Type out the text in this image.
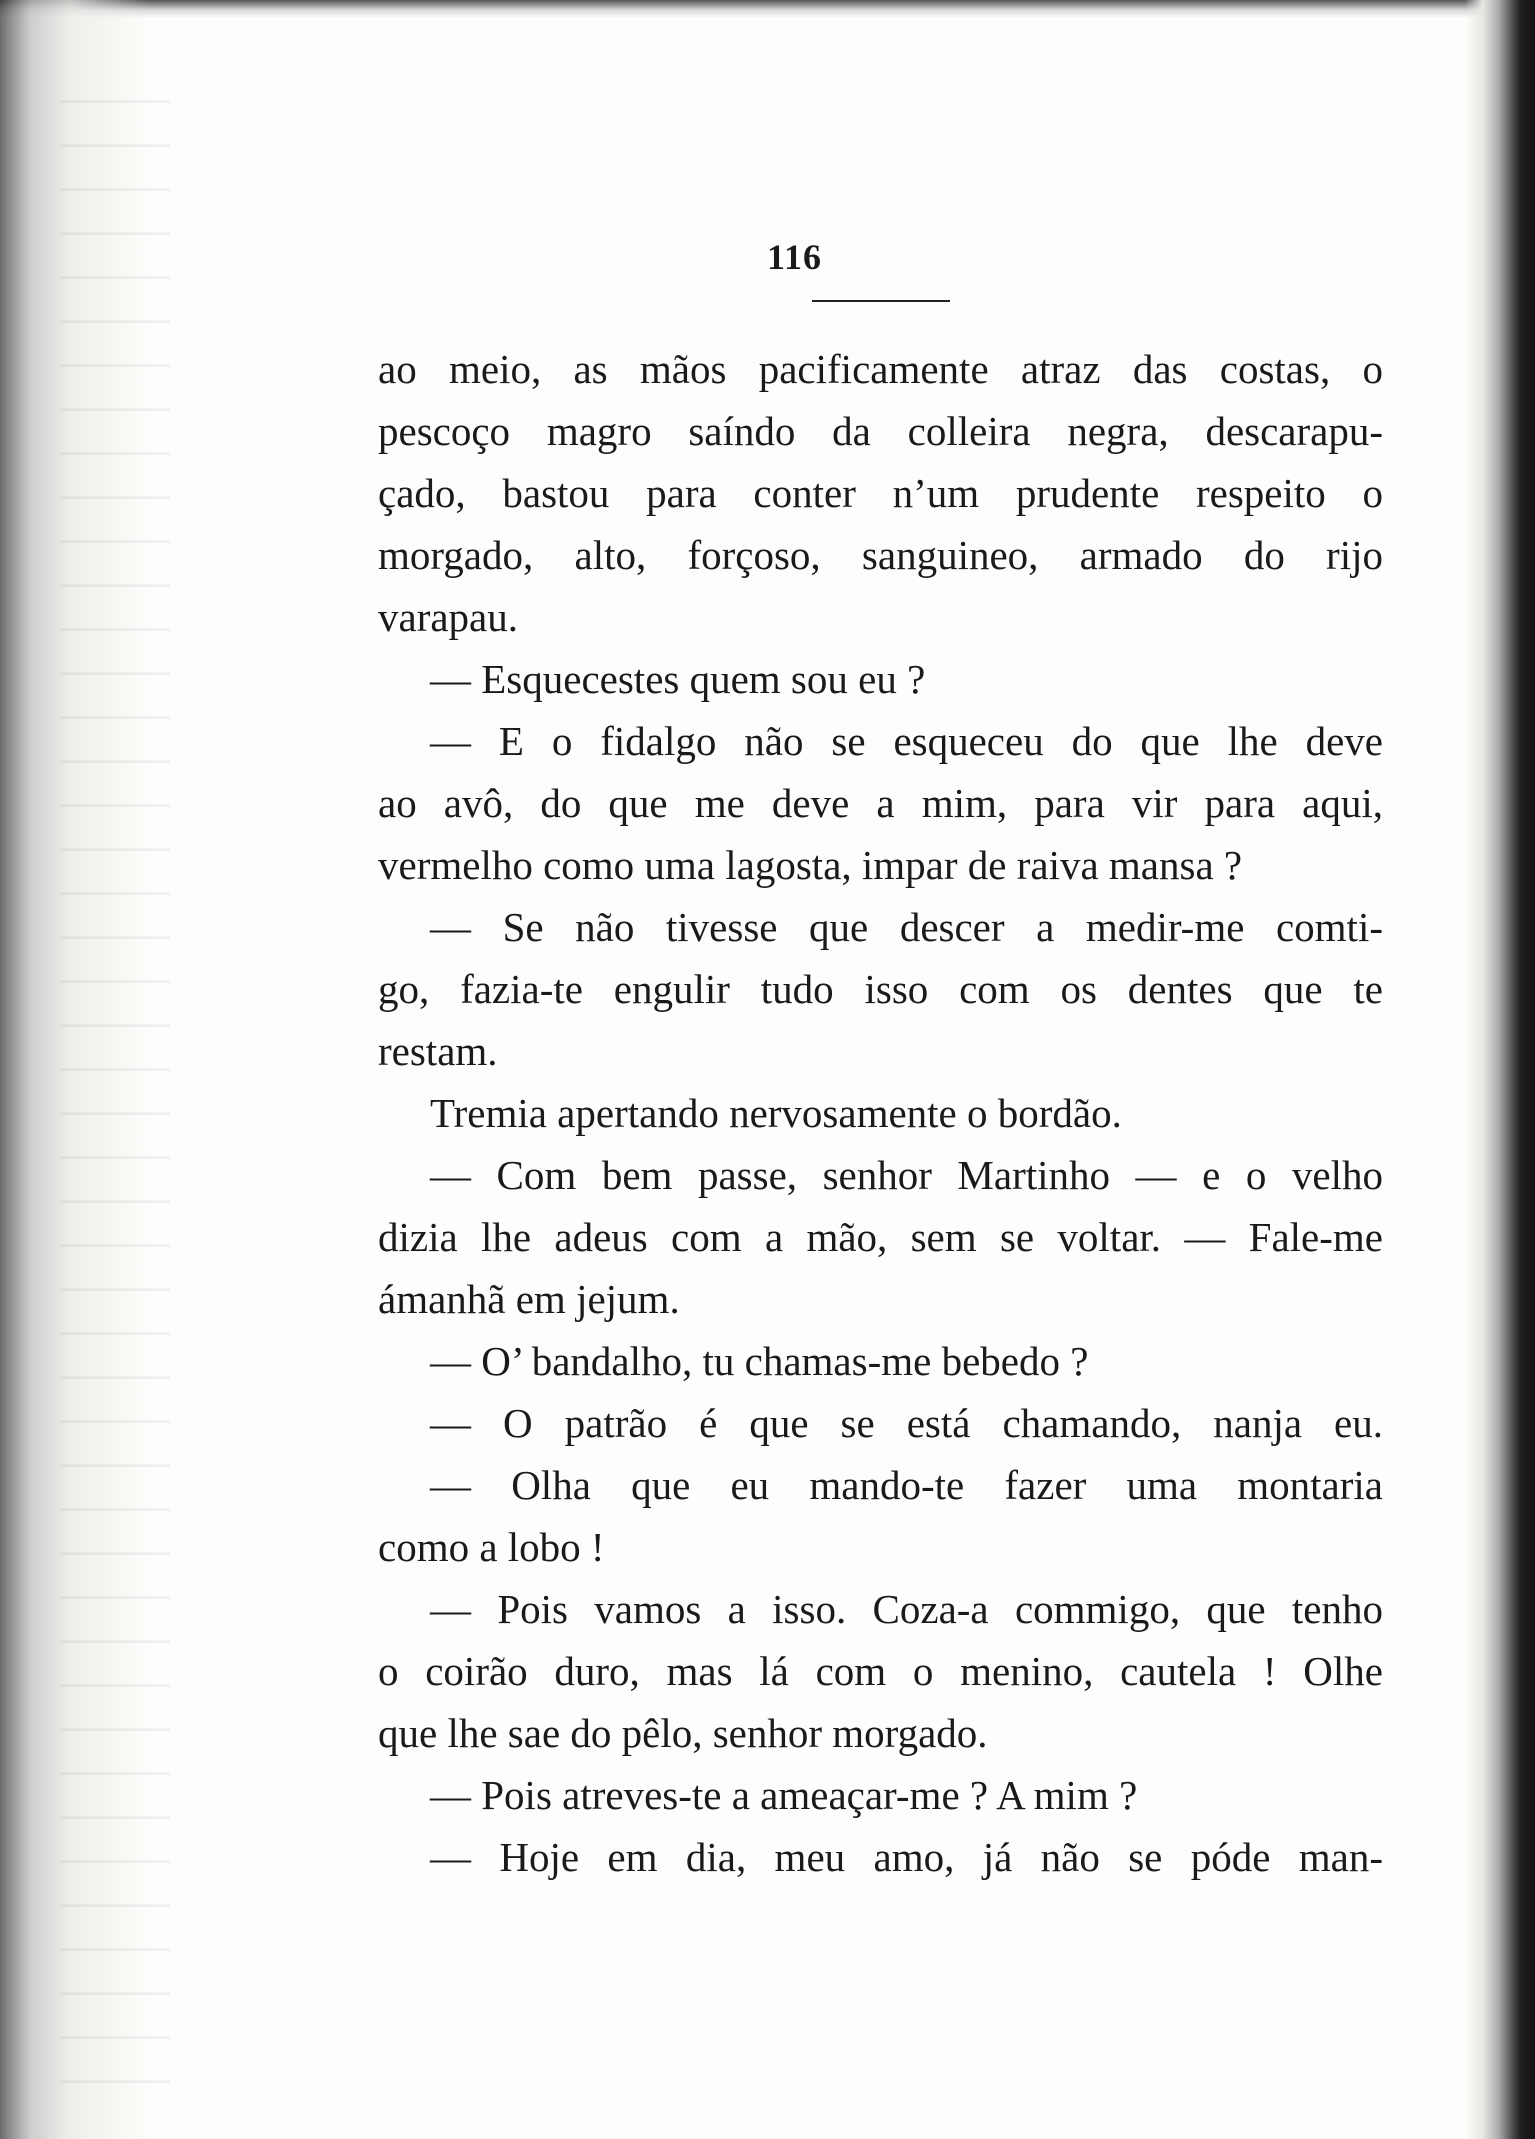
116
ao meio, as mãos pacificamente atraz das costas, o
pescoço magro saíndo da colleira negra, descarapu-
çado, bastou para conter n’um prudente respeito o
morgado, alto, forçoso, sanguineo, armado do rijo
varapau.
— Esquecestes quem sou eu ?
— E o fidalgo não se esqueceu do que lhe deve
ao avô, do que me deve a mim, para vir para aqui,
vermelho como uma lagosta, impar de raiva mansa ?
— Se não tivesse que descer a medir-me comti-
go, fazia-te engulir tudo isso com os dentes que te
restam.
Tremia apertando nervosamente o bordão.
— Com bem passe, senhor Martinho — e o velho
dizia lhe adeus com a mão, sem se voltar. — Fale-me
ámanhã em jejum.
— O’ bandalho, tu chamas-me bebedo ?
— O patrão é que se está chamando, nanja eu.
— Olha que eu mando-te fazer uma montaria
como a lobo !
— Pois vamos a isso. Coza-a commigo, que tenho
o coirão duro, mas lá com o menino, cautela ! Olhe
que lhe sae do pêlo, senhor morgado.
— Pois atreves-te a ameaçar-me ? A mim ?
— Hoje em dia, meu amo, já não se póde man-
